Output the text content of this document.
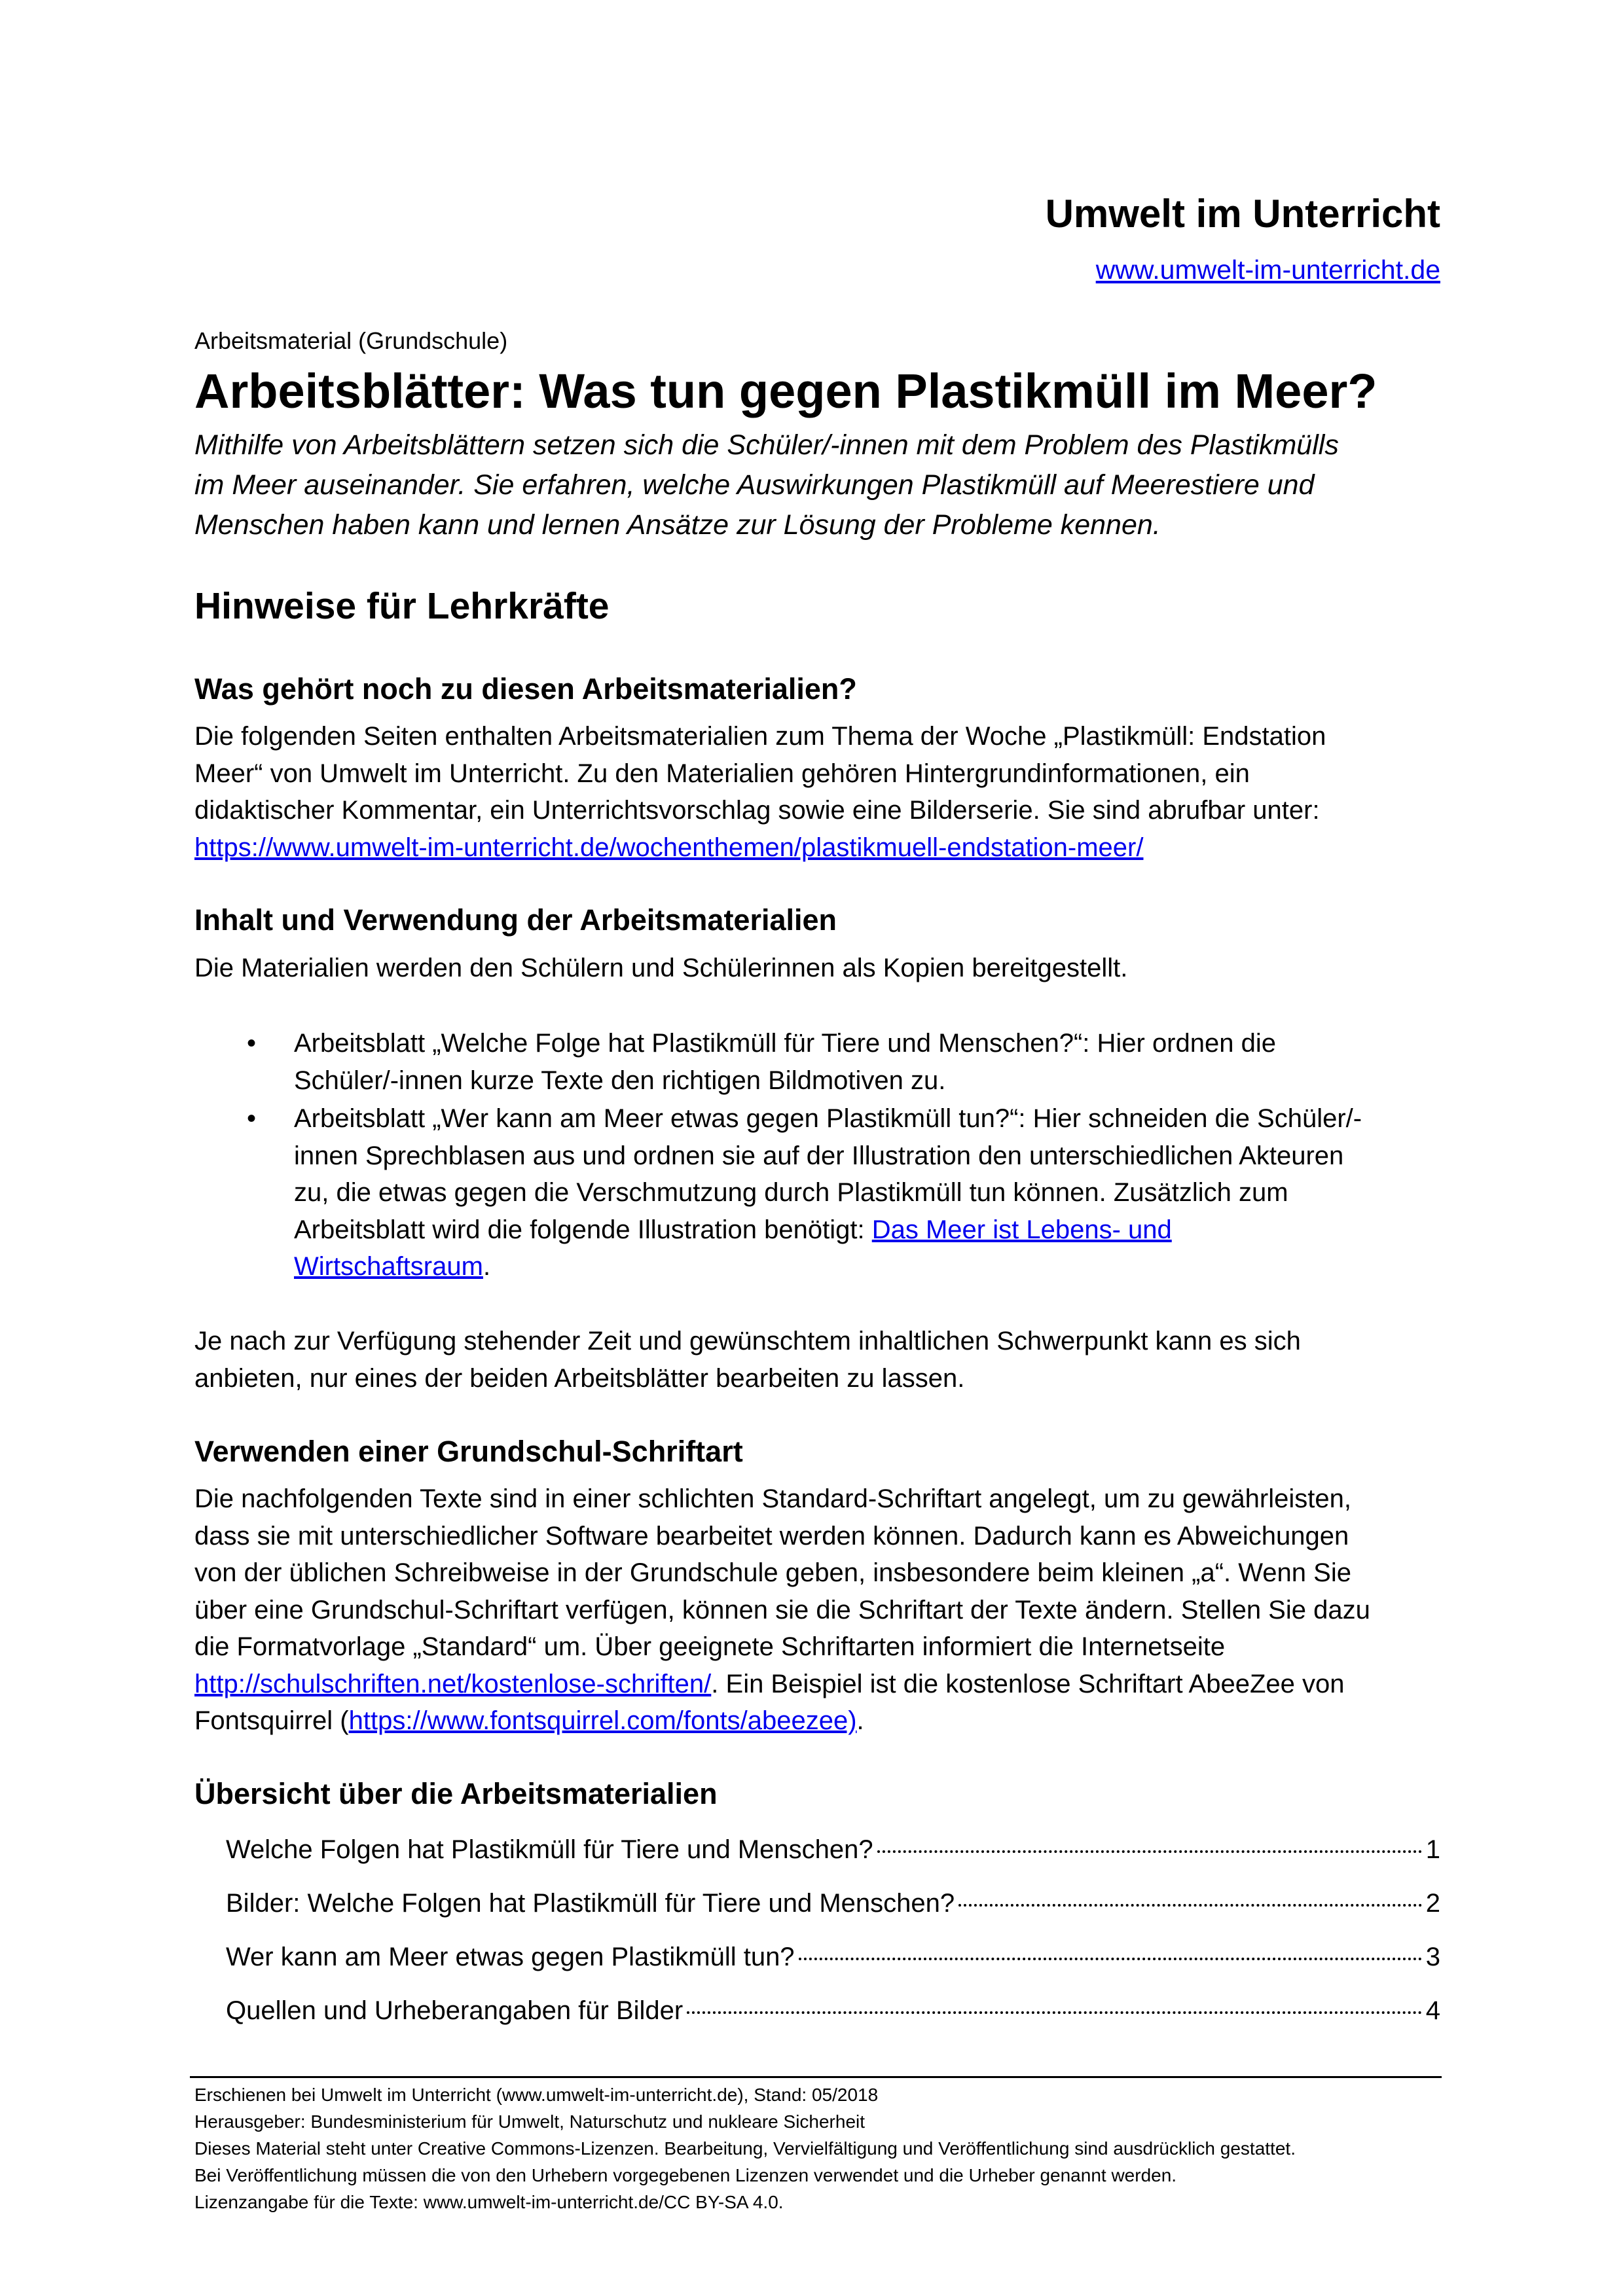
Umwelt im Unterricht
www.umwelt-im-unterricht.de
Arbeitsmaterial (Grundschule)
Arbeitsblätter: Was tun gegen Plastikmüll im Meer?
Mithilfe von Arbeitsblättern setzen sich die Schüler/-innen mit dem Problem des Plastikmülls
im Meer auseinander. Sie erfahren, welche Auswirkungen Plastikmüll auf Meerestiere und
Menschen haben kann und lernen Ansätze zur Lösung der Probleme kennen.
Hinweise für Lehrkräfte
Was gehört noch zu diesen Arbeitsmaterialien?
Die folgenden Seiten enthalten Arbeitsmaterialien zum Thema der Woche „Plastikmüll: Endstation
Meer“ von Umwelt im Unterricht. Zu den Materialien gehören Hintergrundinformationen, ein
didaktischer Kommentar, ein Unterrichtsvorschlag sowie eine Bilderserie. Sie sind abrufbar unter:
https://www.umwelt-im-unterricht.de/wochenthemen/plastikmuell-endstation-meer/
Inhalt und Verwendung der Arbeitsmaterialien
Die Materialien werden den Schülern und Schülerinnen als Kopien bereitgestellt.
• Arbeitsblatt „Welche Folge hat Plastikmüll für Tiere und Menschen?“: Hier ordnen die
Schüler/-innen kurze Texte den richtigen Bildmotiven zu.
• Arbeitsblatt „Wer kann am Meer etwas gegen Plastikmüll tun?“: Hier schneiden die Schüler/-
innen Sprechblasen aus und ordnen sie auf der Illustration den unterschiedlichen Akteuren
zu, die etwas gegen die Verschmutzung durch Plastikmüll tun können. Zusätzlich zum
Arbeitsblatt wird die folgende Illustration benötigt: Das Meer ist Lebens- und
Wirtschaftsraum.
Je nach zur Verfügung stehender Zeit und gewünschtem inhaltlichen Schwerpunkt kann es sich
anbieten, nur eines der beiden Arbeitsblätter bearbeiten zu lassen.
Verwenden einer Grundschul-Schriftart
Die nachfolgenden Texte sind in einer schlichten Standard-Schriftart angelegt, um zu gewährleisten,
dass sie mit unterschiedlicher Software bearbeitet werden können. Dadurch kann es Abweichungen
von der üblichen Schreibweise in der Grundschule geben, insbesondere beim kleinen „a“. Wenn Sie
über eine Grundschul-Schriftart verfügen, können sie die Schriftart der Texte ändern. Stellen Sie dazu
die Formatvorlage „Standard“ um. Über geeignete Schriftarten informiert die Internetseite
http://schulschriften.net/kostenlose-schriften/. Ein Beispiel ist die kostenlose Schriftart AbeeZee von
Fontsquirrel (https://www.fontsquirrel.com/fonts/abeezee).
Übersicht über die Arbeitsmaterialien
Welche Folgen hat Plastikmüll für Tiere und Menschen?	1
Bilder: Welche Folgen hat Plastikmüll für Tiere und Menschen?	2
Wer kann am Meer etwas gegen Plastikmüll tun?	3
Quellen und Urheberangaben für Bilder	4
Erschienen bei Umwelt im Unterricht (www.umwelt-im-unterricht.de), Stand: 05/2018
Herausgeber: Bundesministerium für Umwelt, Naturschutz und nukleare Sicherheit
Dieses Material steht unter Creative Commons-Lizenzen. Bearbeitung, Vervielfältigung und Veröffentlichung sind ausdrücklich gestattet.
Bei Veröffentlichung müssen die von den Urhebern vorgegebenen Lizenzen verwendet und die Urheber genannt werden.
Lizenzangabe für die Texte: www.umwelt-im-unterricht.de/CC BY-SA 4.0.
